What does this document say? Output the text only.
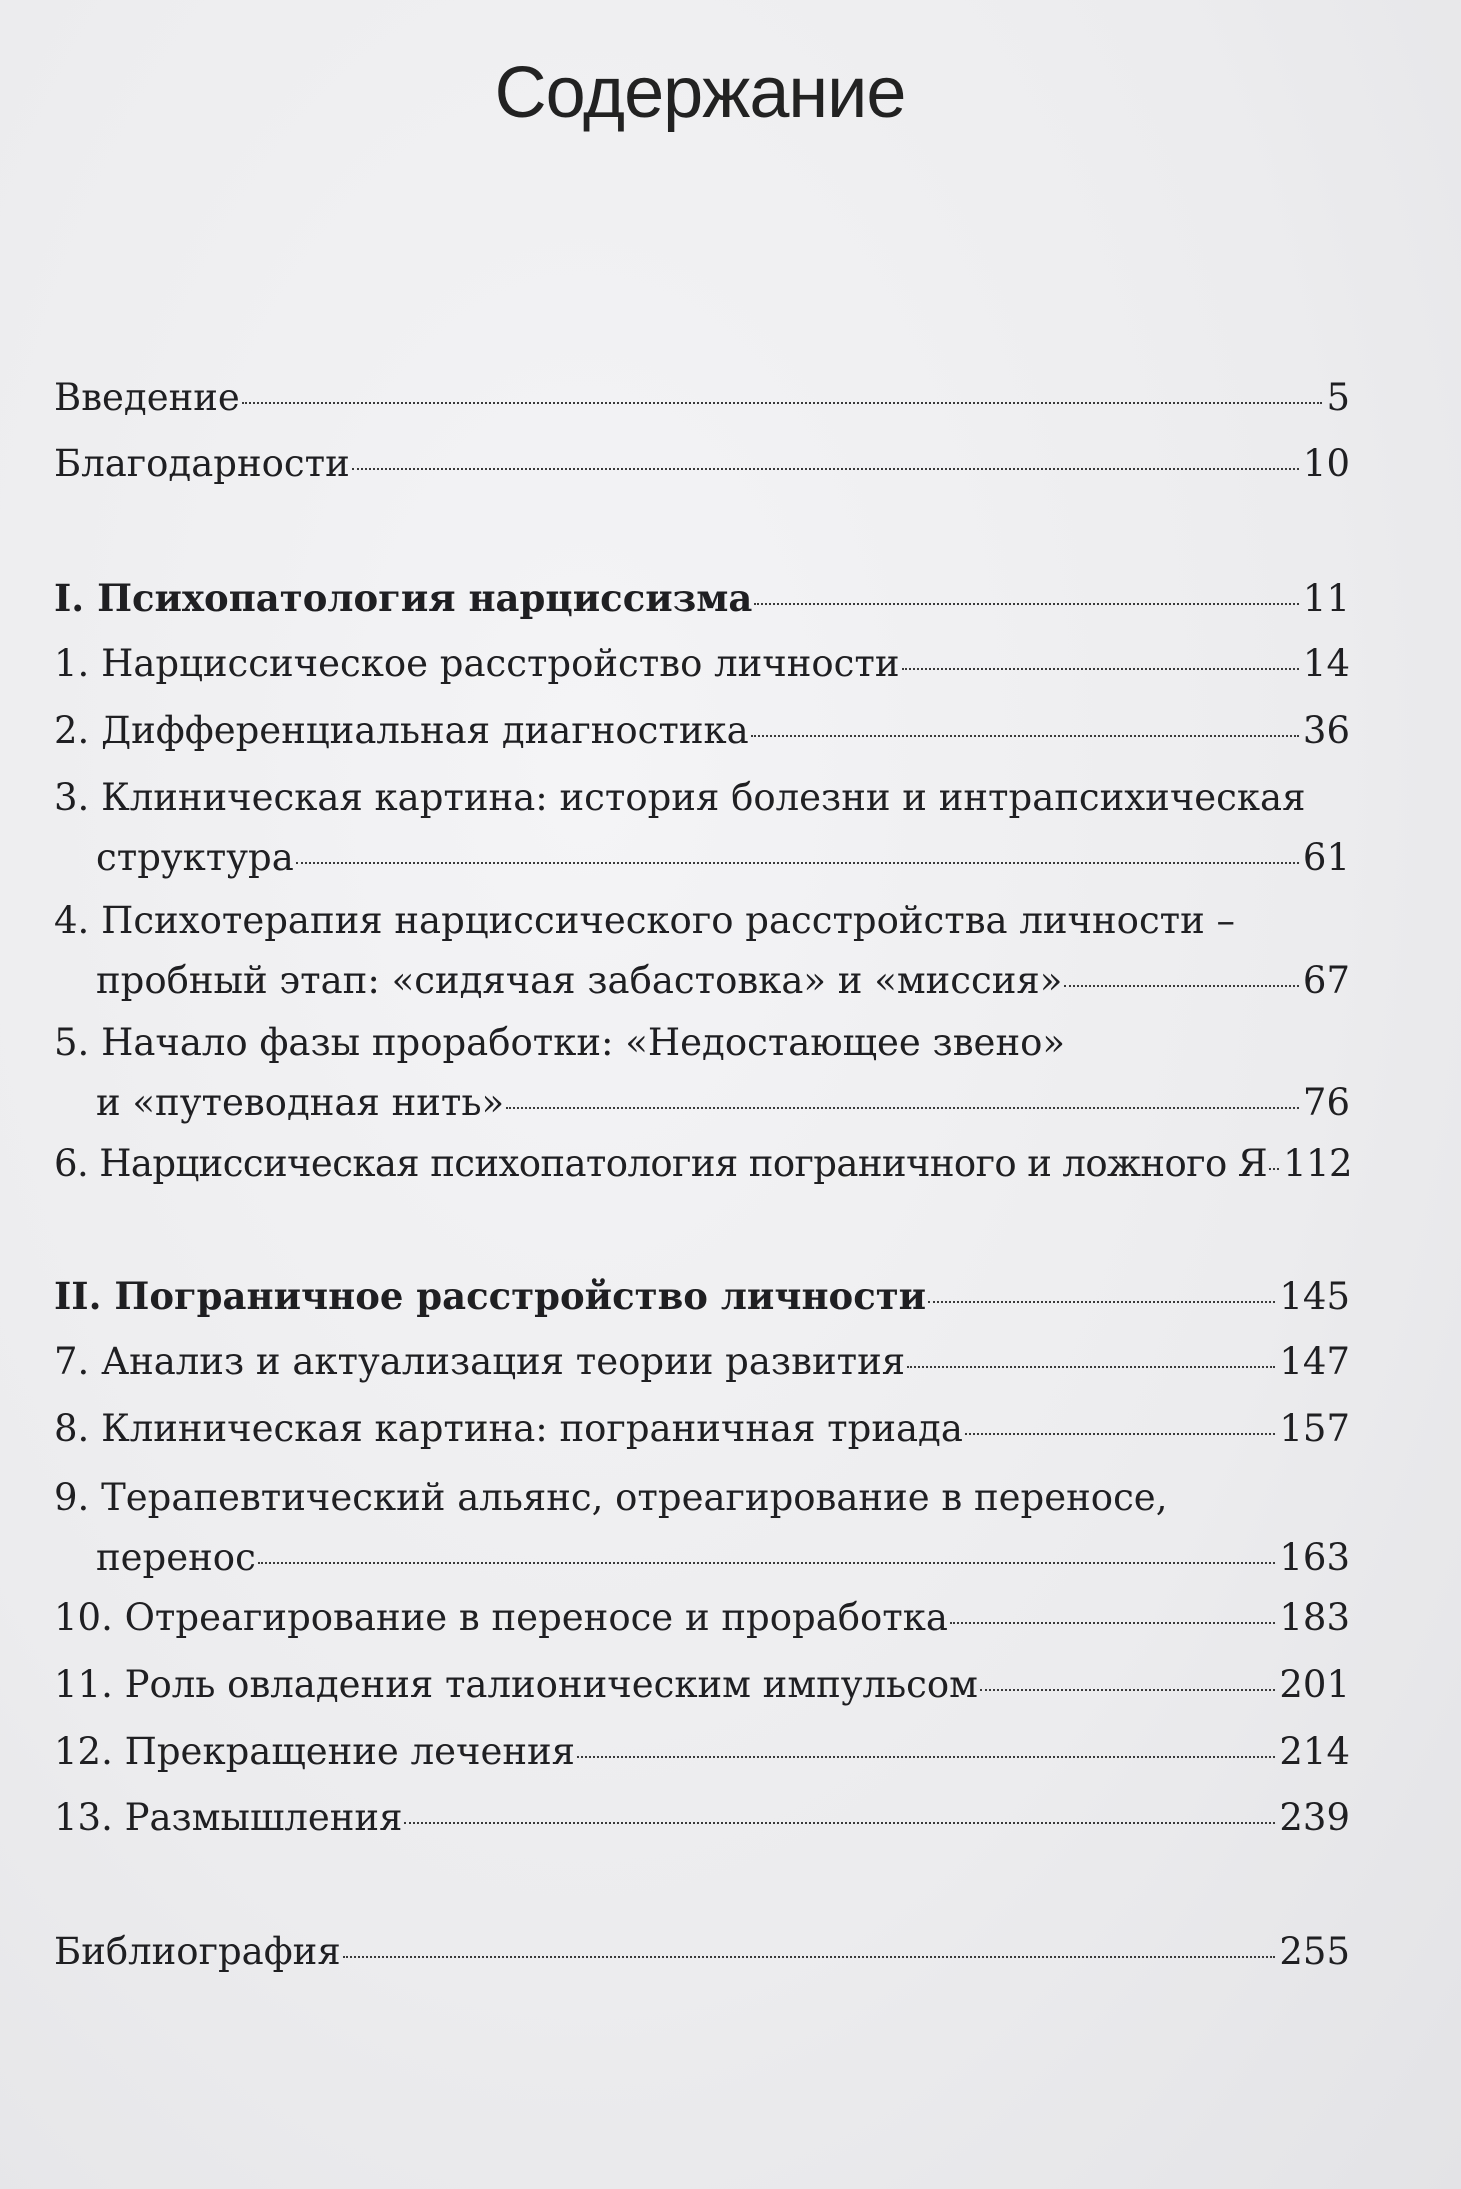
Содержание
Введение	5
Благодарности	10
I. Психопатология нарциссизма	11
1. Нарциссическое расстройство личности	14
2. Дифференциальная диагностика	36
3. Клиническая картина: история болезни и интрапсихическая
структура	61
4. Психотерапия нарциссического расстройства личности –
пробный этап: «сидячая забастовка» и «миссия»	67
5. Начало фазы проработки: «Недостающее звено»
и «путеводная нить»	76
6. Нарциссическая психопатология пограничного и ложного Я 112
II. Пограничное расстройство личности	145
7. Анализ и актуализация теории развития	147
8. Клиническая картина: пограничная триада	157
9. Терапевтический альянс, отреагирование в переносе,
перенос	163
10. Отреагирование в переносе и проработка	183
11. Роль овладения талионическим импульсом	201
12. Прекращение лечения	214
13. Размышления	239
Библиография	255
